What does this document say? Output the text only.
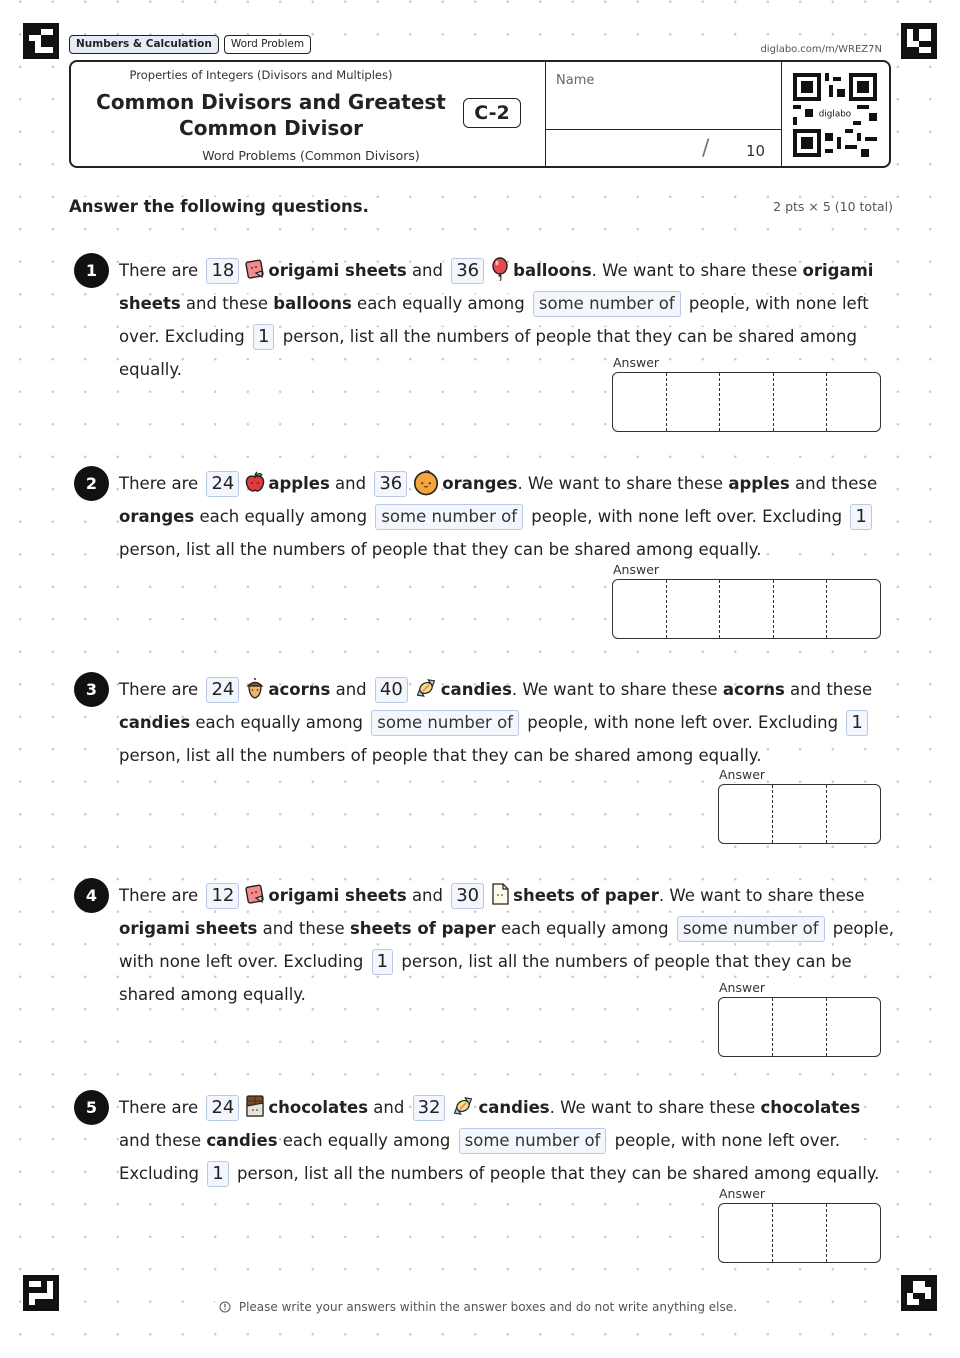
Numbers & Calculation	Word Problem	diglabo.com/m/WREZ7N
Properties of Integers (Divisors and Multiples)
Common Divisors and Greatest
Common Divisor
C-2
Word Problems (Common Divisors)
Name
/ 10
diglabo
Answer the following questions.	2 pts × 5 (10 total)
1	There are 18 origami sheets and 36 balloons. We want to share these origami sheets and these balloons each equally among some number of people, with none left over. Excluding 1 person, list all the numbers of people that they can be shared among equally.	Answer
2	There are 24 apples and 36 oranges. We want to share these apples and these oranges each equally among some number of people, with none left over. Excluding 1 person, list all the numbers of people that they can be shared among equally.
Answer
3	There are 24 acorns and 40 candies. We want to share these acorns and these candies each equally among some number of people, with none left over. Excluding 1 person, list all the numbers of people that they can be shared among equally.
Answer
4	There are 12 origami sheets and 30 sheets of paper. We want to share these origami sheets and these sheets of paper each equally among some number of people, with none left over. Excluding 1 person, list all the numbers of people that they can be shared among equally.	Answer
5	There are 24 chocolates and 32 candies. We want to share these chocolates and these candies each equally among some number of people, with none left over. Excluding 1 person, list all the numbers of people that they can be shared among equally.
Answer
Please write your answers within the answer boxes and do not write anything else.
